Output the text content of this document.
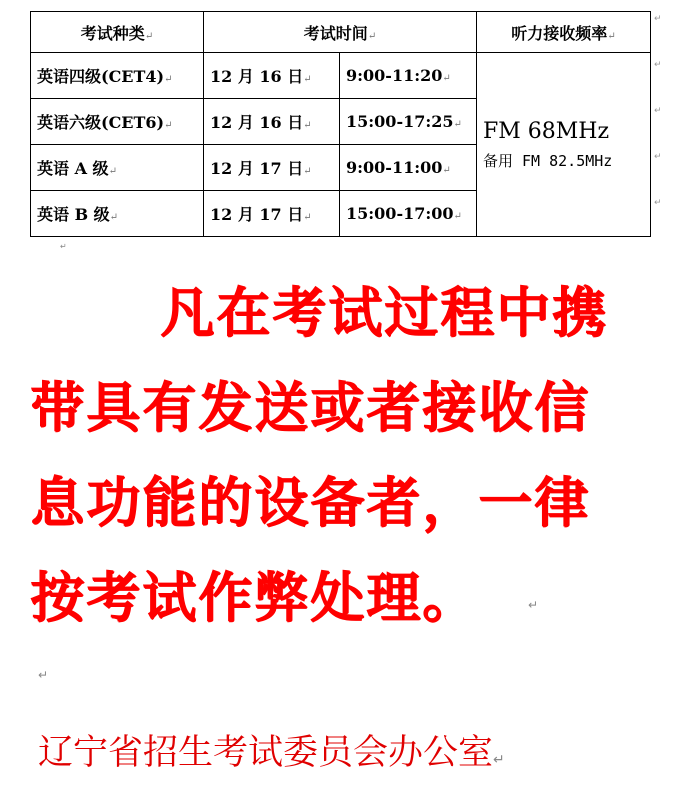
考试种类↵	考试时间↵		听力接收频率↵
英语四级(CET4)↵	12 月 16 日↵	9:00-11:20↵	FM 68MHz
备用 FM 82.5MHz

英语六级(CET6)↵	12 月 16 日↵	15:00-17:25↵	
英语 A 级↵	12 月 17 日↵	9:00-11:00↵	
英语 B 级↵	12 月 17 日↵	15:00-17:00↵	
↵
↵
↵
↵
↵
↵
凡在考试过程中携
带具有发送或者接收信
息功能的设备者，一律
按考试作弊处理。	↵
↵
辽宁省招生考试委员会办公室↵
